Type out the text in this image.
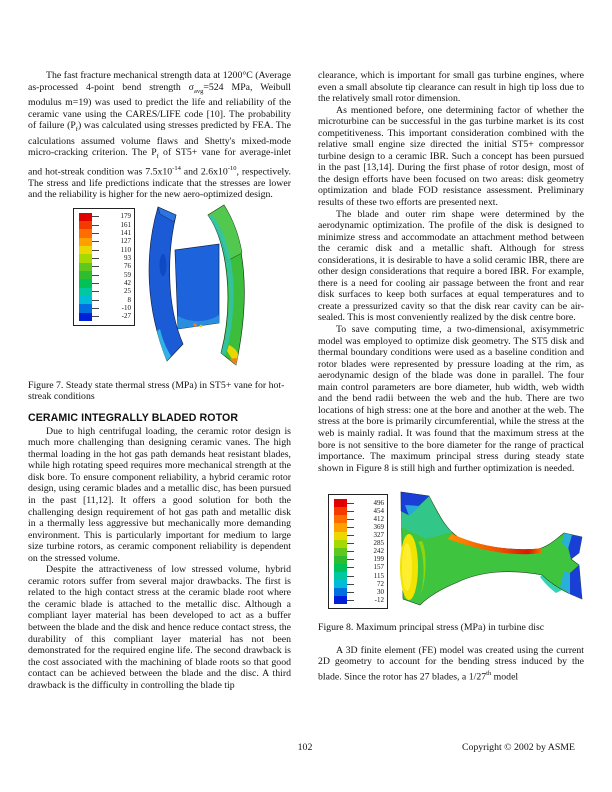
The fast fracture mechanical strength data at 1200°C (Average as-processed 4-point bend strength $\sigma_{avg}=524$ MPa, Weibull modulus m=19) was used to predict the life and reliability of the ceramic vane using the CARES/LIFE code [10]. The probability of failure $(P_f)$ was calculated using stresses predicted by FEA. The calculations assumed volume flaws and Shetty's mixed-mode micro-cracking criterion. The $P_f$ of ST5+ vane for average-inlet and hot-streak condition was $7.5x10^{-14}$ and $2.6x10^{-10}$, respectively. The stress and life predictions indicate that the stresses are lower and the reliability is higher for the new aero-optimized design.

179
161
141
127
110
93
76
59
42
25
8
-10
-27

Figure 7. Steady state thermal stress (MPa) in ST5+ vane for hot-streak conditions

CERAMIC INTEGRALLY BLADED ROTOR

Due to high centrifugal loading, the ceramic rotor design is much more challenging than designing ceramic vanes. The high thermal loading in the hot gas path demands heat resistant blades, while high rotating speed requires more mechanical strength at the disk bore. To ensure component reliability, a hybrid ceramic rotor design, using ceramic blades and a metallic disc, has been pursued in the past [11,12]. It offers a good solution for both the challenging design requirement of hot gas path and metallic disk in a thermally less aggressive but mechanically more demanding environment. This is particularly important for medium to large size turbine rotors, as ceramic component reliability is dependent on the stressed volume.

Despite the attractiveness of low stressed volume, hybrid ceramic rotors suffer from several major drawbacks. The first is related to the high contact stress at the ceramic blade root where the ceramic blade is attached to the metallic disc. Although a compliant layer material has been developed to act as a buffer between the blade and the disk and hence reduce contact stress, the durability of this compliant layer material has not been demonstrated for the required engine life. The second drawback is the cost associated with the machining of blade roots so that good contact can be achieved between the blade and the disc. A third drawback is the difficulty in controlling the blade tip

clearance, which is important for small gas turbine engines, where even a small absolute tip clearance can result in high tip loss due to the relatively small rotor dimension.

As mentioned before, one determining factor of whether the microturbine can be successful in the gas turbine market is its cost competitiveness. This important consideration combined with the relative small engine size directed the initial ST5+ compressor turbine design to a ceramic IBR. Such a concept has been pursued in the past [13,14]. During the first phase of rotor design, most of the design efforts have been focused on two areas: disk geometry optimization and blade FOD resistance assessment. Preliminary results of these two efforts are presented next.

The blade and outer rim shape were determined by the aerodynamic optimization. The profile of the disk is designed to minimize stress and accommodate an attachment method between the ceramic disk and a metallic shaft. Although for stress considerations, it is desirable to have a solid ceramic IBR, there are other design considerations that require a bored IBR. For example, there is a need for cooling air passage between the front and rear disk surfaces to keep both surfaces at equal temperatures and to create a pressurized cavity so that the disk rear cavity can be air-sealed. This is most conveniently realized by the disk centre bore.

To save computing time, a two-dimensional, axisymmetric model was employed to optimize disk geometry. The ST5 disk and thermal boundary conditions were used as a baseline condition and rotor blades were represented by pressure loading at the rim, as aerodynamic design of the blade was done in parallel. The four main control parameters are bore diameter, hub width, web width and the bend radii between the web and the hub. There are two locations of high stress: one at the bore and another at the web. The stress at the bore is primarily circumferential, while the stress at the web is mainly radial. It was found that the maximum stress at the bore is not sensitive to the bore diameter for the range of practical importance. The maximum principal stress during steady state shown in Figure 8 is still high and further optimization is needed.

496
454
412
369
327
285
242
199
157
115
72
30
-12

Figure 8. Maximum principal stress (MPa) in turbine disc

A 3D finite element (FE) model was created using the current 2D geometry to account for the bending stress induced by the blade. Since the rotor has 27 blades, a 1/27th model

102	Copyright © 2002 by ASME
